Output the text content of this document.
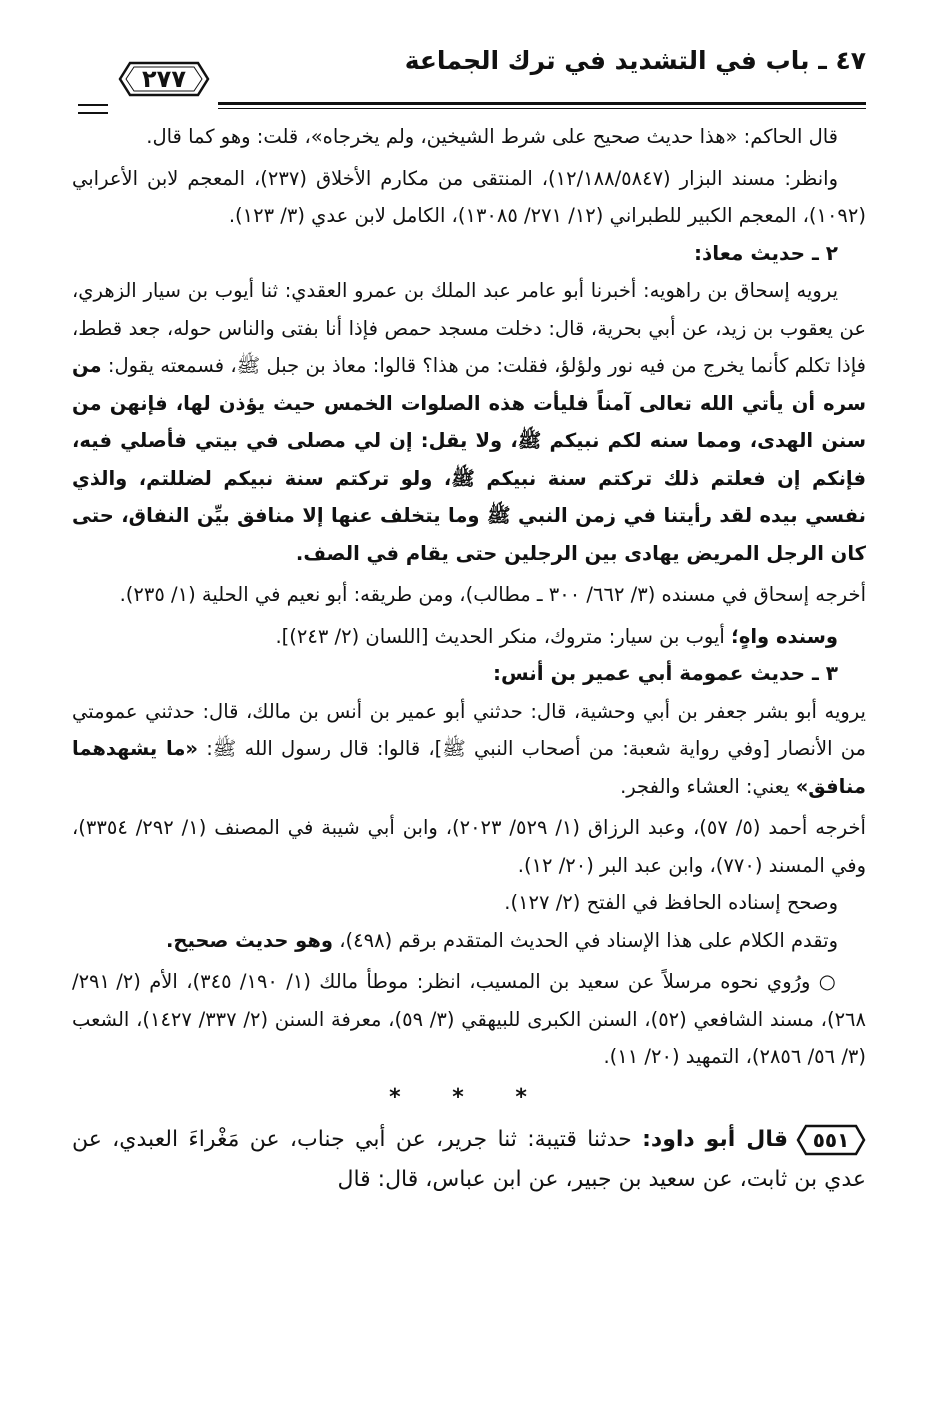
٤٧ ـ باب في التشديد في ترك الجماعة
٢٧٧

قال الحاكم: «هذا حديث صحيح على شرط الشيخين، ولم يخرجاه»، قلت: وهو كما قال.

وانظر: مسند البزار (١٢/١٨٨/٥٨٤٧)، المنتقى من مكارم الأخلاق (٢٣٧)، المعجم لابن الأعرابي (١٠٩٢)، المعجم الكبير للطبراني (١٢/ ٢٧١/ ١٣٠٨٥)، الكامل لابن عدي (٣/ ١٢٣).

٢ ـ حديث معاذ:

يرويه إسحاق بن راهويه: أخبرنا أبو عامر عبد الملك بن عمرو العقدي: ثنا أيوب بن سيار الزهري، عن يعقوب بن زيد، عن أبي بحرية، قال: دخلت مسجد حمص فإذا أنا بفتى والناس حوله، جعد قطط، فإذا تكلم كأنما يخرج من فيه نور ولؤلؤ، فقلت: من هذا؟ قالوا: معاذ بن جبل ﷺ، فسمعته يقول: من سره أن يأتي الله تعالى آمناً فليأت هذه الصلوات الخمس حيث يؤذن لها، فإنهن من سنن الهدى، ومما سنه لكم نبيكم ﷺ، ولا يقل: إن لي مصلى في بيتي فأصلي فيه، فإنكم إن فعلتم ذلك تركتم سنة نبيكم ﷺ، ولو تركتم سنة نبيكم لضللتم، والذي نفسي بيده لقد رأيتنا في زمن النبي ﷺ وما يتخلف عنها إلا منافق بيِّن النفاق، حتى كان الرجل المريض يهادى بين الرجلين حتى يقام في الصف.

أخرجه إسحاق في مسنده (٣/ ٦٦٢/ ٣٠٠ ـ مطالب)، ومن طريقه: أبو نعيم في الحلية (١/ ٢٣٥).

وسنده واهٍ؛ أيوب بن سيار: متروك، منكر الحديث [اللسان (٢/ ٢٤٣)].

٣ ـ حديث عمومة أبي عمير بن أنس:

يرويه أبو بشر جعفر بن أبي وحشية، قال: حدثني أبو عمير بن أنس بن مالك، قال: حدثني عمومتي من الأنصار [وفي رواية شعبة: من أصحاب النبي ﷺ]، قالوا: قال رسول الله ﷺ: «ما يشهدهما منافق» يعني: العشاء والفجر.

أخرجه أحمد (٥/ ٥٧)، وعبد الرزاق (١/ ٥٢٩/ ٢٠٢٣)، وابن أبي شيبة في المصنف (١/ ٢٩٢/ ٣٣٥٤)، وفي المسند (٧٧٠)، وابن عبد البر (٢٠/ ١٢).

وصحح إسناده الحافظ في الفتح (٢/ ١٢٧).

وتقدم الكلام على هذا الإسناد في الحديث المتقدم برقم (٤٩٨)، وهو حديث صحيح.

○ ورُوي نحوه مرسلاً عن سعيد بن المسيب، انظر: موطأ مالك (١/ ١٩٠/ ٣٤٥)، الأم (٢/ ٢٩١/ ٢٦٨)، مسند الشافعي (٥٢)، السنن الكبرى للبيهقي (٣/ ٥٩)، معرفة السنن (٢/ ٣٣٧/ ١٤٢٧)، الشعب (٣/ ٥٦/ ٢٨٥٦)، التمهيد (٢٠/ ١١).

* * *

٥٥١
قال أبو داود: حدثنا قتيبة: ثنا جرير، عن أبي جناب، عن مَغْراءَ العبدي، عن عدي بن ثابت، عن سعيد بن جبير، عن ابن عباس، قال: قال
